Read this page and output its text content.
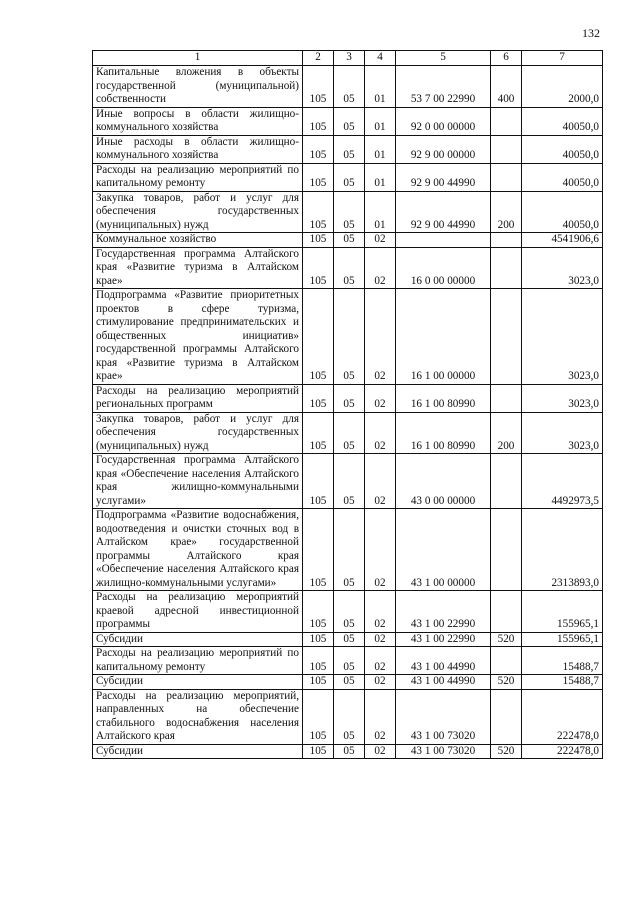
132
1	2	3	4	5	6	7
Капитальные вложения в объекты государственной (муниципальной) собственности	105	05	01	53 7 00 22990	400	2000,0
Иные вопросы в области жилищно-коммунального хозяйства	105	05	01	92 0 00 00000		40050,0
Иные расходы в области жилищно-коммунального хозяйства	105	05	01	92 9 00 00000		40050,0
Расходы на реализацию мероприятий по капитальному ремонту	105	05	01	92 9 00 44990		40050,0
Закупка товаров, работ и услуг для обеспечения государственных (муниципальных) нужд	105	05	01	92 9 00 44990	200	40050,0
Коммунальное хозяйство	105	05	02			4541906,6
Государственная программа Алтайского края «Развитие туризма в Алтайском крае»	105	05	02	16 0 00 00000		3023,0
Подпрограмма «Развитие приоритетных проектов в сфере туризма, стимулирование предпринимательских и общественных инициатив» государственной программы Алтайского края «Развитие туризма в Алтайском крае»	105	05	02	16 1 00 00000		3023,0
Расходы на реализацию мероприятий региональных программ	105	05	02	16 1 00 80990		3023,0
Закупка товаров, работ и услуг для обеспечения государственных (муниципальных) нужд	105	05	02	16 1 00 80990	200	3023,0
Государственная программа Алтайского края «Обеспечение населения Алтайского края жилищно-коммунальными услугами»	105	05	02	43 0 00 00000		4492973,5
Подпрограмма «Развитие водоснабжения, водоотведения и очистки сточных вод в Алтайском крае» государственной программы Алтайского края «Обеспечение населения Алтайского края жилищно-коммунальными услугами»	105	05	02	43 1 00 00000		2313893,0
Расходы на реализацию мероприятий краевой адресной инвестиционной программы	105	05	02	43 1 00 22990		155965,1
Субсидии	105	05	02	43 1 00 22990	520	155965,1
Расходы на реализацию мероприятий по капитальному ремонту	105	05	02	43 1 00 44990		15488,7
Субсидии	105	05	02	43 1 00 44990	520	15488,7
Расходы на реализацию мероприятий, направленных на обеспечение стабильного водоснабжения населения Алтайского края	105	05	02	43 1 00 73020		222478,0
Субсидии	105	05	02	43 1 00 73020	520	222478,0
